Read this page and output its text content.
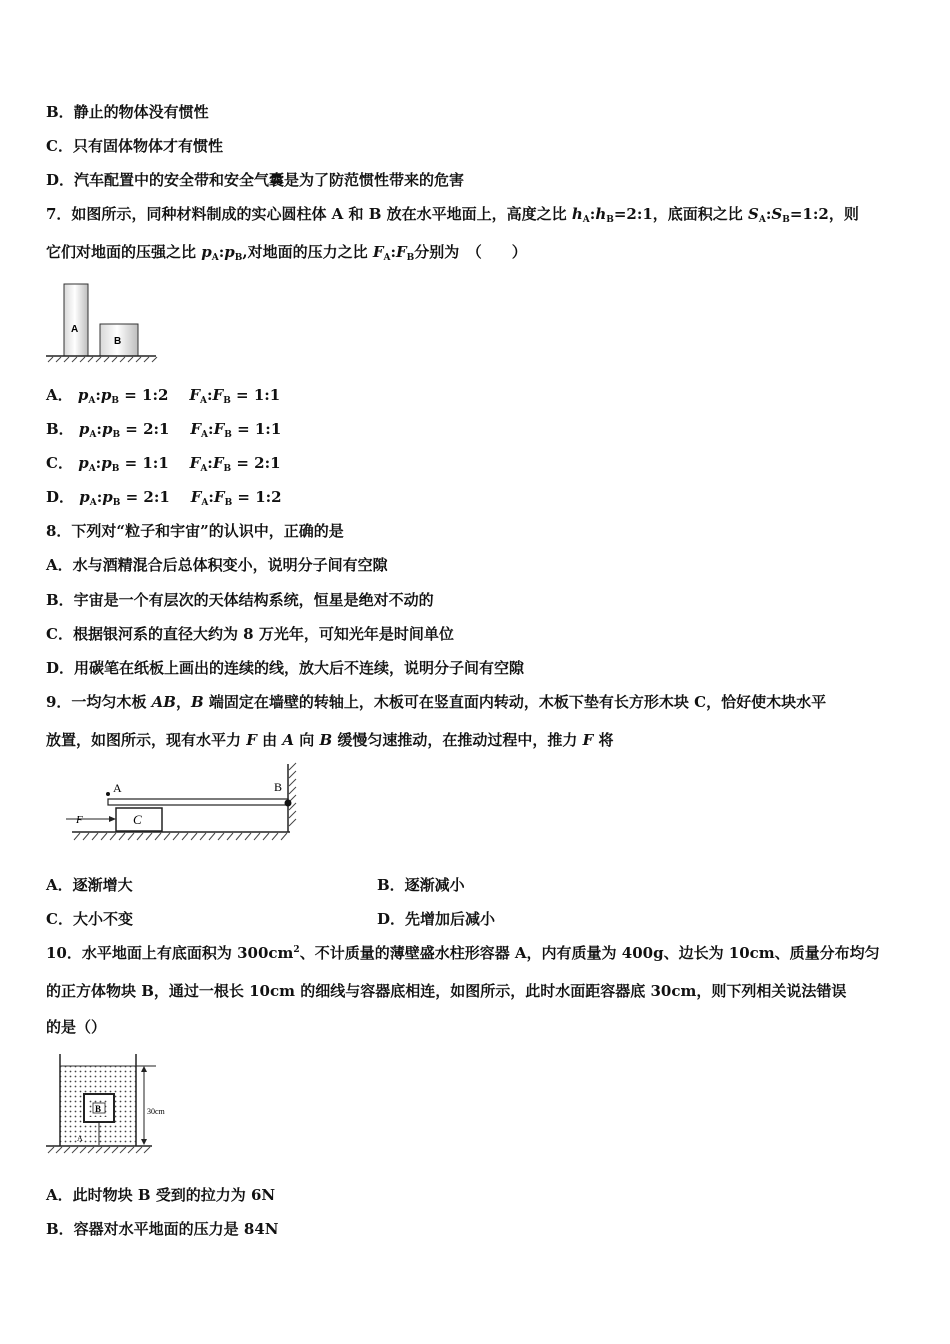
B．静止的物体没有惯性
C．只有固体物体才有惯性
D．汽车配置中的安全带和安全气囊是为了防范惯性带来的危害
7．如图所示，同种材料制成的实心圆柱体 A 和 B 放在水平地面上，高度之比 $h_A:h_B=2:1$，底面积之比 $S_A:S_B=1:2$，则
它们对地面的压强之比 $p_A:p_B$,对地面的压力之比 $F_A:F_B$分别为　（　　）
A
B
A． $p_A:p_B$ = 1:2 $F_A:F_B$ = 1:1
B． $p_A:p_B$ = 2:1 $F_A:F_B$ = 1:1
C． $p_A:p_B$ = 1:1 $F_A:F_B$ = 2:1
D． $p_A:p_B$ = 2:1 $F_A:F_B$ = 1:2
8．下列对“粒子和宇宙”的认识中，正确的是
A．水与酒精混合后总体积变小，说明分子间有空隙
B．宇宙是一个有层次的天体结构系统，恒星是绝对不动的
C．根据银河系的直径大约为 8 万光年，可知光年是时间单位
D．用碳笔在纸板上画出的连续的线，放大后不连续，说明分子间有空隙
9．一均匀木板 AB，B 端固定在墙壁的转轴上，木板可在竖直面内转动，木板下垫有长方形木块 C，恰好使木块水平
放置，如图所示，现有水平力 F 由 A 向 B 缓慢匀速推动，在推动过程中，推力 F 将
A	B
C
F
A．逐渐增大	B．逐渐减小
C．大小不变	D．先增加后减小
10．水平地面上有底面积为 $300cm^2$、不计质量的薄壁盛水柱形容器 A，内有质量为 400g、边长为 10cm、质量分布均匀
的正方体物块 B，通过一根长 10cm 的细线与容器底相连，如图所示，此时水面距容器底 30cm，则下列相关说法错误
的是（）
B
A
30cm
A．此时物块 B 受到的拉力为 6N
B．容器对水平地面的压力是 84N
